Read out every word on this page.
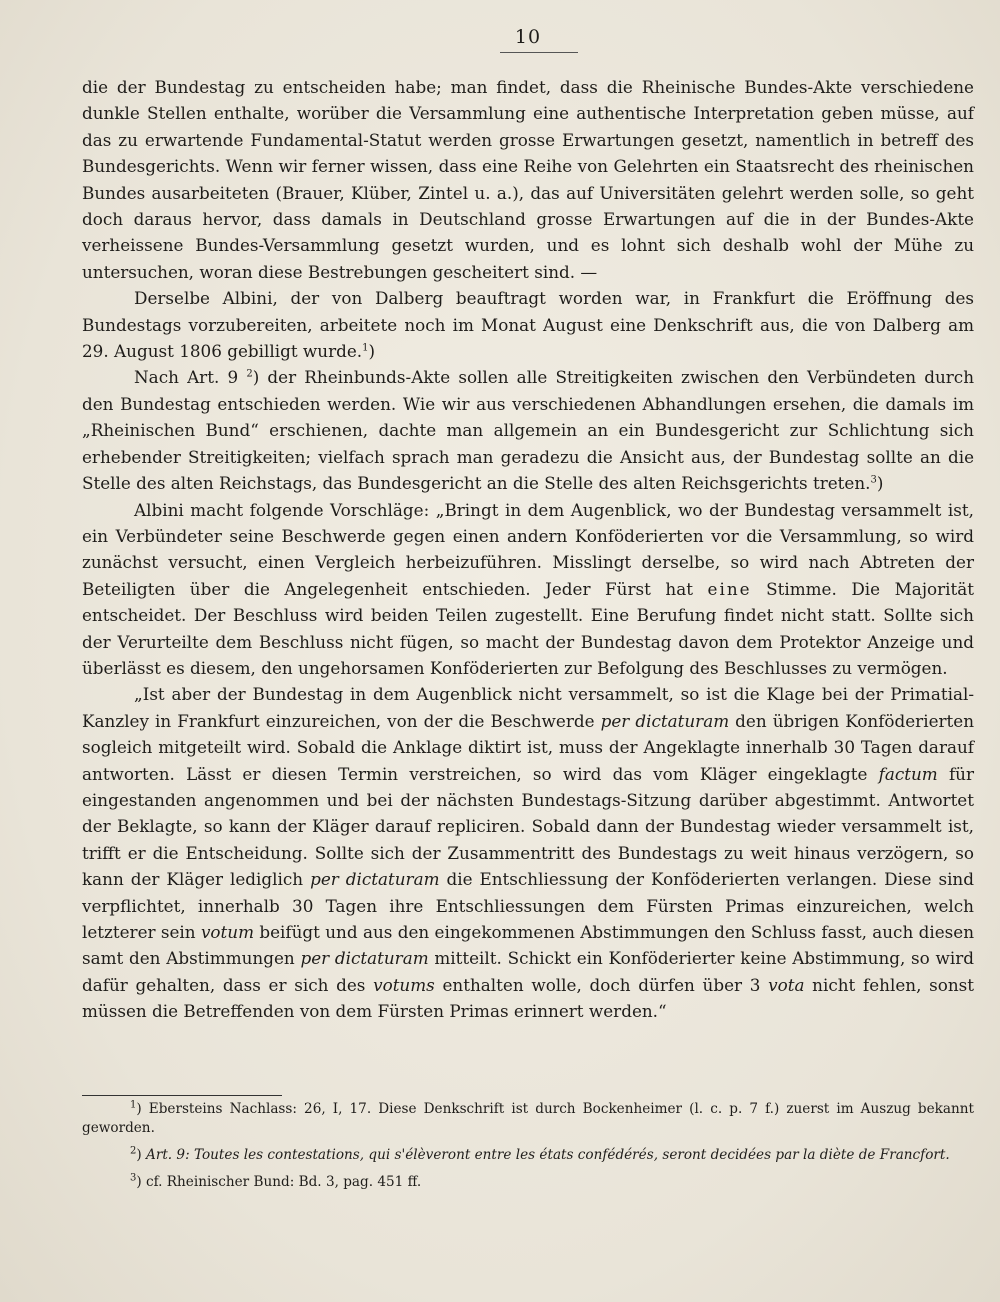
10

die der Bundestag zu entscheiden habe; man findet, dass die Rheinische Bundes-Akte verschiedene dunkle Stellen enthalte, worüber die Versammlung eine authentische Interpretation geben müsse, auf das zu erwartende Fundamental-Statut werden grosse Erwartungen gesetzt, namentlich in betreff des Bundesgerichts. Wenn wir ferner wissen, dass eine Reihe von Gelehrten ein Staatsrecht des rheinischen Bundes ausarbeiteten (Brauer, Klüber, Zintel u. a.), das auf Universitäten gelehrt werden solle, so geht doch daraus hervor, dass damals in Deutschland grosse Erwartungen auf die in der Bundes-Akte verheissene Bundes-Versammlung gesetzt wurden, und es lohnt sich deshalb wohl der Mühe zu untersuchen, woran diese Bestrebungen gescheitert sind. —

Derselbe Albini, der von Dalberg beauftragt worden war, in Frankfurt die Eröffnung des Bundestags vorzubereiten, arbeitete noch im Monat August eine Denkschrift aus, die von Dalberg am 29. August 1806 gebilligt wurde.$^1$)

Nach Art. 9 $^2$) der Rheinbunds-Akte sollen alle Streitigkeiten zwischen den Verbündeten durch den Bundestag entschieden werden. Wie wir aus verschiedenen Abhandlungen ersehen, die damals im „Rheinischen Bund“ erschienen, dachte man allgemein an ein Bundesgericht zur Schlichtung sich erhebender Streitigkeiten; vielfach sprach man geradezu die Ansicht aus, der Bundestag sollte an die Stelle des alten Reichstags, das Bundesgericht an die Stelle des alten Reichsgerichts treten.$^3$)

Albini macht folgende Vorschläge: „Bringt in dem Augenblick, wo der Bundestag versammelt ist, ein Verbündeter seine Beschwerde gegen einen andern Konföderierten vor die Versammlung, so wird zunächst versucht, einen Vergleich herbeizuführen. Misslingt derselbe, so wird nach Abtreten der Beteiligten über die Angelegenheit entschieden. Jeder Fürst hat eine Stimme. Die Majorität entscheidet. Der Beschluss wird beiden Teilen zugestellt. Eine Berufung findet nicht statt. Sollte sich der Verurteilte dem Beschluss nicht fügen, so macht der Bundestag davon dem Protektor Anzeige und überlässt es diesem, den ungehorsamen Konföderierten zur Befolgung des Beschlusses zu vermögen.

„Ist aber der Bundestag in dem Augenblick nicht versammelt, so ist die Klage bei der Primatial-Kanzley in Frankfurt einzureichen, von der die Beschwerde per dictaturam den übrigen Konföderierten sogleich mitgeteilt wird. Sobald die Anklage diktirt ist, muss der Angeklagte innerhalb 30 Tagen darauf antworten. Lässt er diesen Termin verstreichen, so wird das vom Kläger eingeklagte factum für eingestanden angenommen und bei der nächsten Bundestags-Sitzung darüber abgestimmt. Antwortet der Beklagte, so kann der Kläger darauf repliciren. Sobald dann der Bundestag wieder versammelt ist, trifft er die Entscheidung. Sollte sich der Zusammentritt des Bundestags zu weit hinaus verzögern, so kann der Kläger lediglich per dictaturam die Entschliessung der Konföderierten verlangen. Diese sind verpflichtet, innerhalb 30 Tagen ihre Entschliessungen dem Fürsten Primas einzureichen, welch letzterer sein votum beifügt und aus den eingekommenen Abstimmungen den Schluss fasst, auch diesen samt den Abstimmungen per dictaturam mitteilt. Schickt ein Konföderierter keine Abstimmung, so wird dafür gehalten, dass er sich des votums enthalten wolle, doch dürfen über 3 vota nicht fehlen, sonst müssen die Betreffenden von dem Fürsten Primas erinnert werden.“

$^1$) Ebersteins Nachlass: 26, I, 17. Diese Denkschrift ist durch Bockenheimer (l. c. p. 7 f.) zuerst im Auszug bekannt geworden.

$^2$) Art. 9: Toutes les contestations, qui s'élèveront entre les états confédérés, seront decidées par la diète de Francfort.

$^3$) cf. Rheinischer Bund: Bd. 3, pag. 451 ff.
